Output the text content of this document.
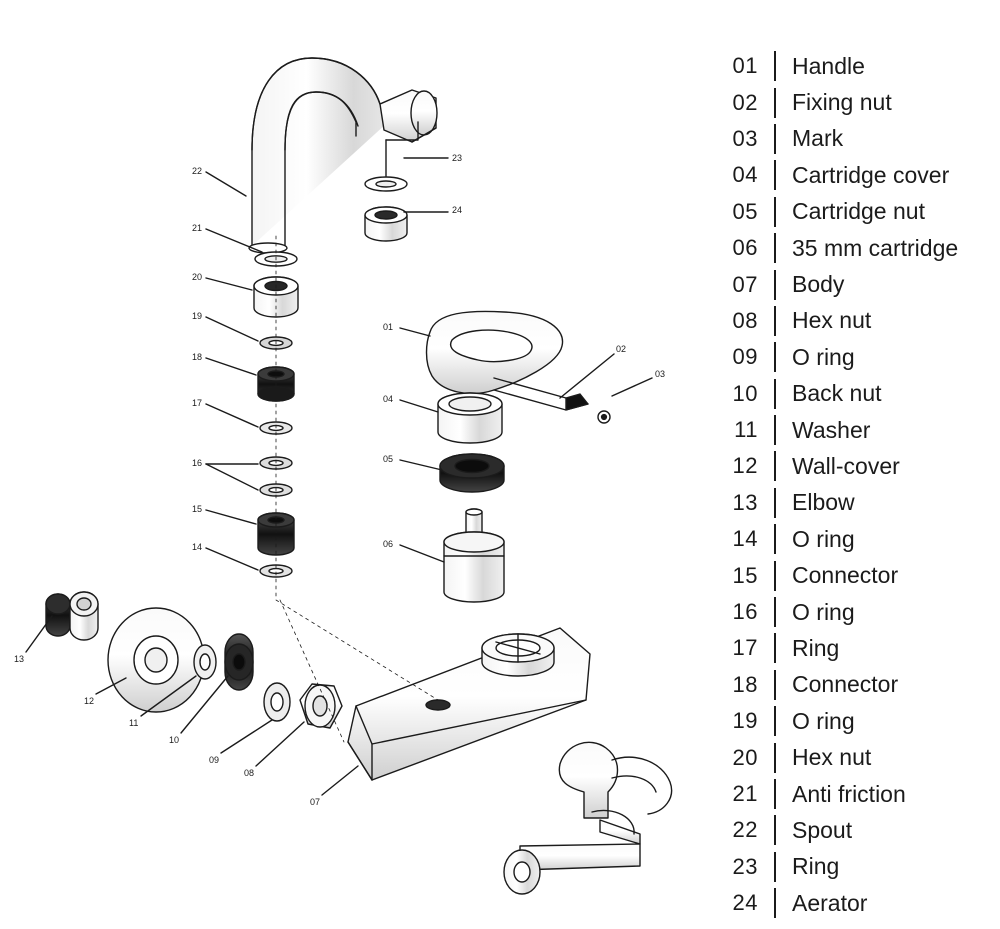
22
21
20
19
18
17
16
15
14
23
24
01
02
03
04
05
06
13
12
11
10
09
08
07
01	Handle
02	Fixing nut
03	Mark
04	Cartridge cover
05	Cartridge nut
06	35 mm cartridge
07	Body
08	Hex nut
09	O ring
10	Back nut
11	Washer
12	Wall-cover
13	Elbow
14	O ring
15	Connector
16	O ring
17	Ring
18	Connector
19	O ring
20	Hex nut
21	Anti friction
22	Spout
23	Ring
24	Aerator
